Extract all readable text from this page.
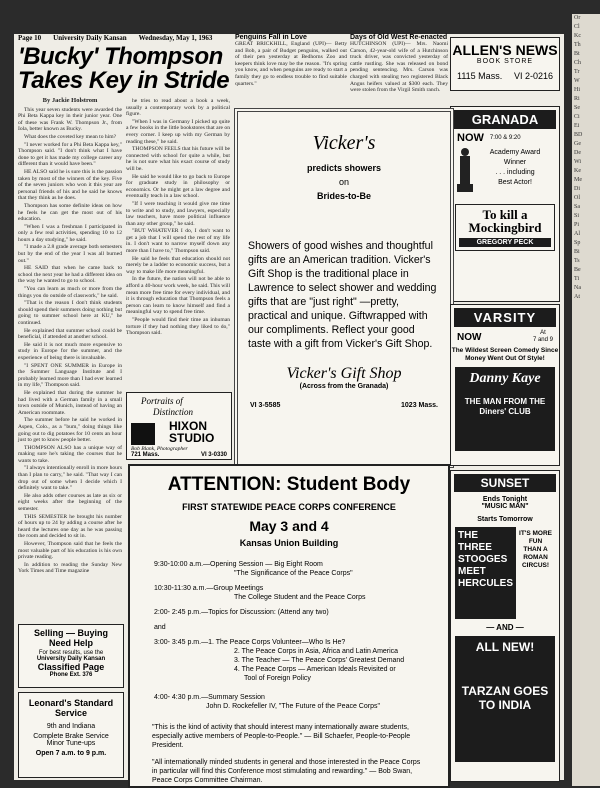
Or
Cl
Kc
Th
Bt
Ch
Tr
W
Hi
Ri
Se
Ci
Ei
BD
Ge
De
Wi
Ke
Me
Di
Ol
Sa
Si
Pi
Al
Sp
Bi
Ts
Be
Ti
Na
At
Page 10 University Daily Kansan Wednesday, May 1, 1963
'Bucky' Thompson
Takes Key in Stride

By Jackie Holstrom

This year seven students were awarded the Phi Beta Kappa key in their junior year. One of these was Frank W. Thompson Jr., from Iola, better known as Bucky.

What does the coveted key mean to him?

"I never worked for a Phi Beta Kappa key," Thompson said. "I don't think what I have done to get it has made my college career any different than it would have been."

HE ALSO said he is sure this is the passion taken by most of the winners of the key. Five of the seven juniors who won it this year are personal friends of his and he said he knows that they think as he does.

Thompson has some definite ideas on how he feels he can get the most out of his education.

"When I was a freshman I participated in only a few real activities, spending 10 to 12 hours a day studying," he said.

"I made a 2.8 grade average both semesters but by the end of the year I was all burned out."

HE SAID that when he came back to school the next year he had a different idea on the way he wanted to go to school.

"You can learn as much or more from the things you do outside of classwork," he said.

"That is the reason I don't think students should spend their summers doing nothing but going to summer school here at KU," he continued.

He explained that summer school could be beneficial, if attended at another school.

He said it is not much more expensive to study in Europe for the summer, and the experience of being there is invaluable.

"I SPENT ONE SUMMER in Europe in the Summer Language Institute and I probably learned more than I had ever learned in my life," Thompson said.

He explained that during the summer he had lived with a German family in a small town outside of Munich, instead of having an American roommate.

The summer before he said he worked in Aspen, Colo., as a "bum," doing things like going out to dig potatoes for 10 cents an hour just to get to know people better.

THOMPSON ALSO has a unique way of making sure he's taking the courses that he wants to take.

"I always intentionally enroll in more hours than I plan to carry," he said. "That way I can drop out of some when I decide which I definitely want to take."

He also adds other courses as late as six or eight weeks after the beginning of the semester.

THIS SEMESTER he brought his number of hours up to 24 by adding a course after he heard the lectures one day as he was passing the room and decided to sit in.

However, Thompson said that he feels the most valuable part of his education is his own private reading.

In addition to reading the Sunday New York Times and Time magazine

he tries to read about a book a week, usually a contemporary work by a political figure.

"When I was in Germany I picked up quite a few books in the little bookstores that are on every corner. I keep up with my German by reading these," he said.

THOMPSON FEELS that his future will be connected with school for quite a while, but he is not sure what his exact course of study will be.

He said he would like to go back to Europe for graduate study in philosophy or economics. Or he might get a law degree and eventually teach in a law school.

"If I were teaching it would give me time to write and to study, and lawyers, especially law teachers, have more political influence than any other group," he said.

"BUT WHATEVER I do, I don't want to get a job that I will spend the rest of my life in. I don't want to narrow myself down any more than I have to," Thompson said.

He said he feels that education should not merely be a ladder to economic success, but a way to make life more meaningful.

In the future, the nation will not be able to afford a 40-hour work week, he said. This will mean more free time for every individual, and it is through education that Thompson feels a person can learn to know himself and find a meaningful way to spend free time.

"People would find their time an inhuman torture if they had nothing they liked to do," Thompson said.

Penguins Fall in Love
GREAT BRICKHILL, England (UPI)— Betty and Bob, a pair of Budget penguins, walked out of their pen yesterday at Bedhorns Zoo and keepers think love may be the reason. "It's spring you know, and when penguins are ready to start a family they go to endless trouble to find suitable quarters."
Days of Old West Re-enacted
HUTCHINSON (UPI)— Mrs. Naomi Carson, 42-year-old wife of a Hutchinson truck driver, was convicted yesterday of cattle rustling. She was released on bond pending sentencing. Mrs. Carson was charged with stealing two registered Black Angus heifers valued at $300 each. They were stolen from the Virgil Smith ranch.
ALLEN'S NEWS
BOOK STORE
1115 Mass. VI 2-0216
GRANADA
NOW 7:00 & 9:20
Academy Award
Winner
. . . including
Best Actor!
To kill a
Mockingbird
GREGORY PECK
Vicker's
predicts showers
on
Brides-to-Be
Showers of good wishes and thoughtful gifts are an American tradition. Vicker's Gift Shop is the traditional place in Lawrence to select shower and wedding gifts that are "just right" —pretty, practical and unique. Giftwrapped with our compliments. Reflect your good taste with a gift from Vicker's Gift Shop.
Vicker's Gift Shop
(Across from the Granada)
VI 3-5585	1023 Mass.
VARSITY
NOW	At
7 and 9
The Wildest Screen Comedy Since
Money Went Out Of Style!
Danny Kaye
THE MAN FROM THE Diners' CLUB
Portraits of
Distinction
HIXON
STUDIO
Bob Blank, Photographer
721 Mass.	VI 3-0330
ATTENTION: Student Body
FIRST STATEWIDE PEACE CORPS CONFERENCE
May 3 and 4
Kansas Union Building
9:30-10:00 a.m.—Opening Session — Big Eight Room
"The Significance of the Peace Corps"
10:30-11:30 a.m.—Group Meetings
The College Student and the Peace Corps
2:00- 2:45 p.m.—Topics for Discussion: (Attend any two)
and
3:00- 3:45 p.m.—1. The Peace Corps Volunteer—Who Is He?
2. The Peace Corps in Asia, Africa and Latin America
3. The Teacher — The Peace Corps' Greatest Demand
4. The Peace Corps — American Ideals Revisited or
Tool of Foreign Policy
4:00- 4:30 p.m.—Summary Session
John D. Rockefeller IV, "The Future of the Peace Corps"
"This is the kind of activity that should interest many internationally aware students, especially active members of People-to-People." — Bill Schaefer, People-to-People President.
"All internationally minded students in general and those interested in the Peace Corps in particular will find this Conference most stimulating and rewarding." — Bob Swan, Peace Corps Committee Chairman.
SUNSET
Ends Tonight
"MUSIC MAN"
Starts Tomorrow
THE THREE STOOGES MEET HERCULES
IT'S MORE FUN THAN A ROMAN CIRCUS!
— AND —
ALL NEW!
TARZAN GOES TO INDIA
Selling — Buying
Need Help
For best results, use the
University Daily Kansan
Classified Page
Phone Ext. 376
Leonard's Standard
Service
9th and Indiana
Complete Brake Service
Minor Tune-ups
Open 7 a.m. to 9 p.m.
